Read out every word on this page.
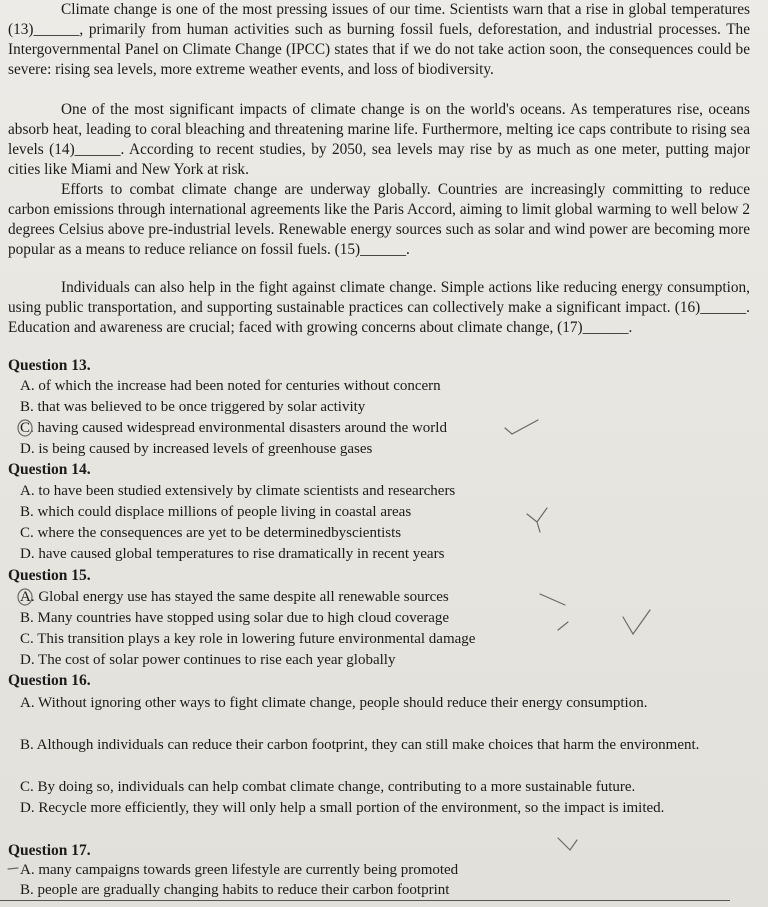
Climate change is one of the most pressing issues of our time. Scientists warn that a rise in global temperatures (13)______, primarily from human activities such as burning fossil fuels, deforestation, and industrial processes. The Intergovernmental Panel on Climate Change (IPCC) states that if we do not take action soon, the consequences could be severe: rising sea levels, more extreme weather events, and loss of biodiversity.
One of the most significant impacts of climate change is on the world's oceans. As temperatures rise, oceans absorb heat, leading to coral bleaching and threatening marine life. Furthermore, melting ice caps contribute to rising sea levels (14)______. According to recent studies, by 2050, sea levels may rise by as much as one meter, putting major cities like Miami and New York at risk.
Efforts to combat climate change are underway globally. Countries are increasingly committing to reduce carbon emissions through international agreements like the Paris Accord, aiming to limit global warming to well below 2 degrees Celsius above pre-industrial levels. Renewable energy sources such as solar and wind power are becoming more popular as a means to reduce reliance on fossil fuels. (15)______.
Individuals can also help in the fight against climate change. Simple actions like reducing energy consumption, using public transportation, and supporting sustainable practices can collectively make a significant impact. (16)______. Education and awareness are crucial; faced with growing concerns about climate change, (17)______.
Question 13.
A. of which the increase had been noted for centuries without concern
B. that was believed to be once triggered by solar activity
C. having caused widespread environmental disasters around the world
D. is being caused by increased levels of greenhouse gases
Question 14.
A. to have been studied extensively by climate scientists and researchers
B. which could displace millions of people living in coastal areas
C. where the consequences are yet to be determinedbyscientists
D. have caused global temperatures to rise dramatically in recent years
Question 15.
A. Global energy use has stayed the same despite all renewable sources
B. Many countries have stopped using solar due to high cloud coverage
C. This transition plays a key role in lowering future environmental damage
D. The cost of solar power continues to rise each year globally
Question 16.
A. Without ignoring other ways to fight climate change, people should reduce their energy consumption.
B. Although individuals can reduce their carbon footprint, they can still make choices that harm the environment.
C. By doing so, individuals can help combat climate change, contributing to a more sustainable future.
D. Recycle more efficiently, they will only help a small portion of the environment, so the impact is imited.
Question 17.
A. many campaigns towards green lifestyle are currently being promoted
B. people are gradually changing habits to reduce their carbon footprint
